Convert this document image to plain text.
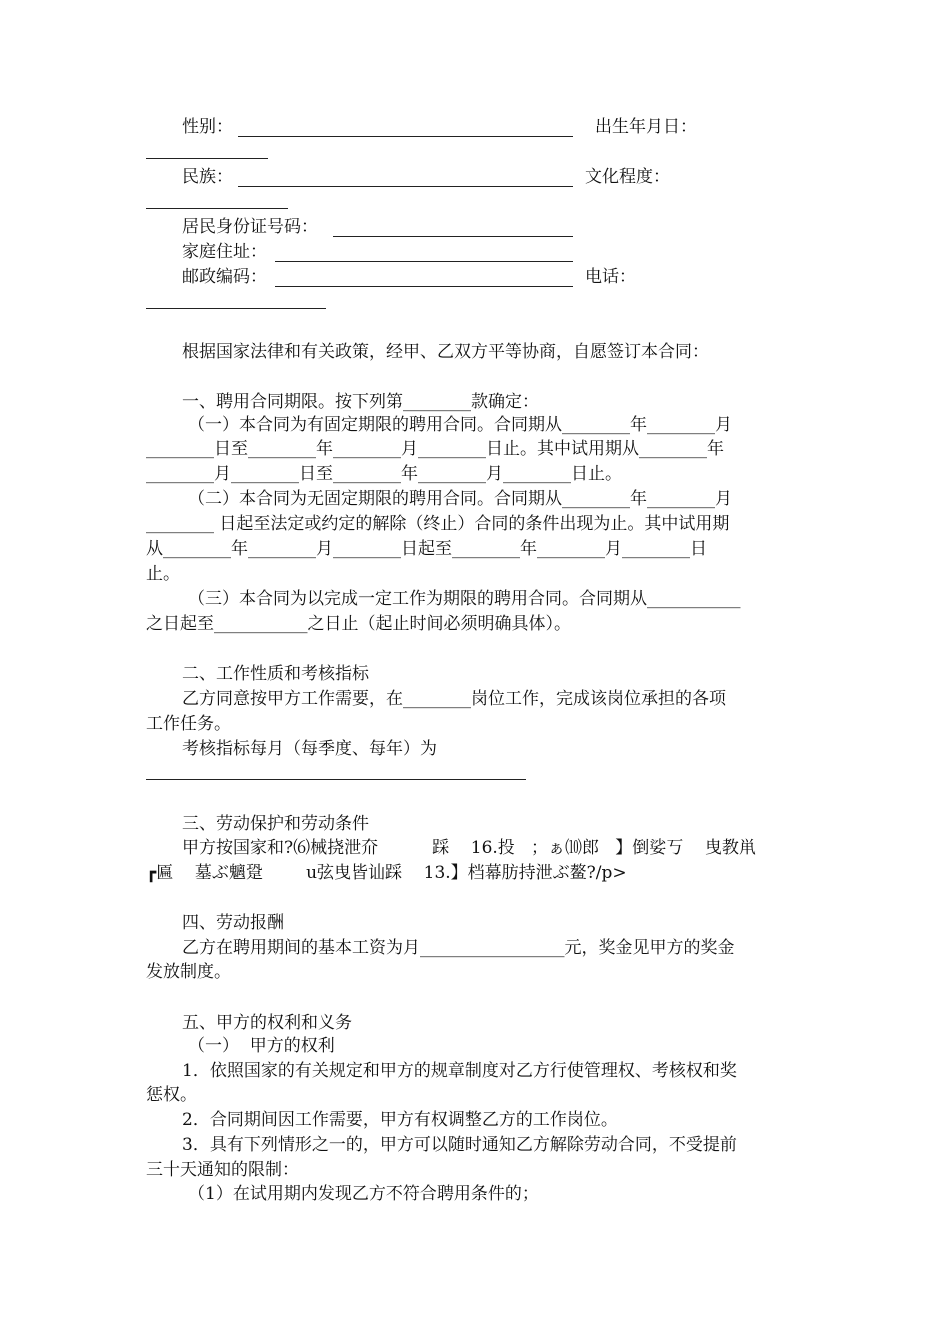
性别：	出生年月日：
民族：	文化程度：
居民身份证号码：
家庭住址：
邮政编码：	电话：
根据国家法律和有关政策，经甲、乙双方平等协商，自愿签订本合同：
一、聘用合同期限。按下列第________款确定：
（一）本合同为有固定期限的聘用合同。合同期从________年________月
________日至________年________月________日止。其中试用期从________年
________月________日至________年________月________日止。
（二）本合同为无固定期限的聘用合同。合同期从________年________月
________ 日起至法定或约定的解除（终止）合同的条件出现为止。其中试用期
从________年________月________日起至________年________月________日
止。
（三）本合同为以完成一定工作为期限的聘用合同。合同期从___________
之日起至___________之日止（起止时间必须明确具体）。
二、工作性质和考核指标
乙方同意按甲方工作需要，在________岗位工作，完成该岗位承担的各项
工作任务。
考核指标每月（每季度、每年）为
三、劳动保护和劳动条件
甲方按国家和?⑹械挠泄夼          踩    16.投   ；ぁ⑽郎   】倒娑丂    曳教鼡
┏匾    墓ぶ魑跫        u弦曳皆讪踩    13.】档幕肪持泄ぶ鳌?/p>
四、劳动报酬
乙方在聘用期间的基本工资为月_________________元，奖金见甲方的奖金
发放制度。
五、甲方的权利和义务
（一）  甲方的权利
1．依照国家的有关规定和甲方的规章制度对乙方行使管理权、考核权和奖
惩权。
2．合同期间因工作需要，甲方有权调整乙方的工作岗位。
3．具有下列情形之一的，甲方可以随时通知乙方解除劳动合同，不受提前
三十天通知的限制：
（1）在试用期内发现乙方不符合聘用条件的；
